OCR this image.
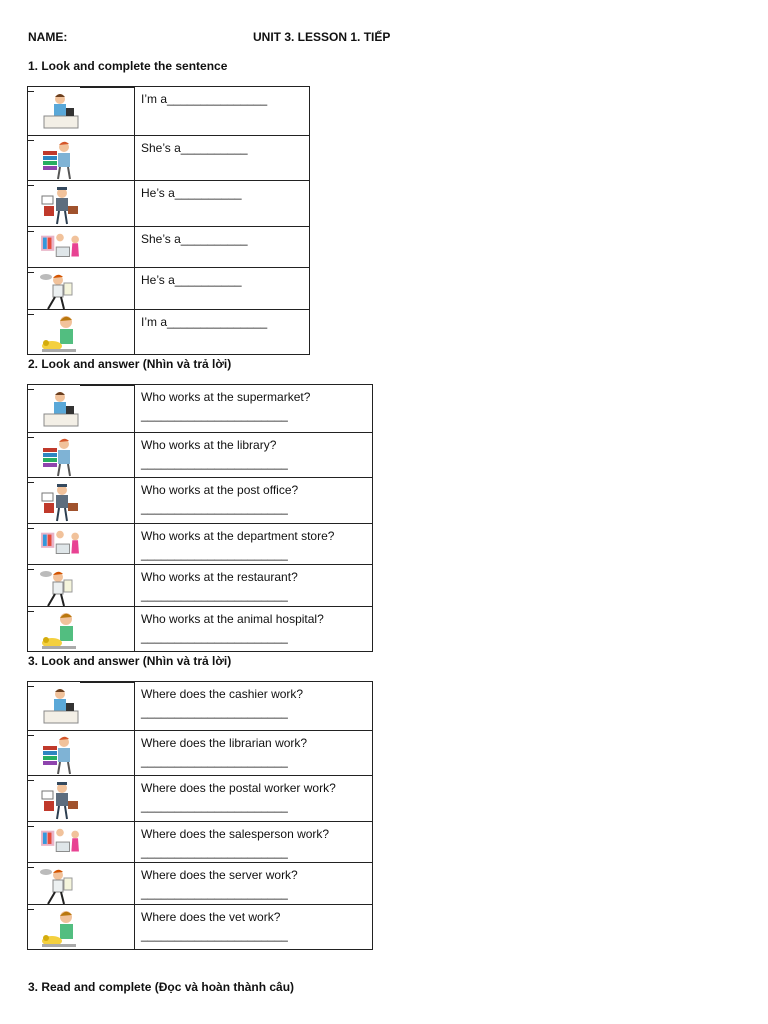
NAME:	UNIT 3. LESSON 1. TIẾP
1. Look and complete the sentence
	I’m a_______________

	She’s a__________

	He’s a__________

	She’s a__________

	He’s a__________

	I’m a_______________
2. Look and answer (Nhìn và trả lời)
	Who works at the supermarket?
______________________

	Who works at the library?
______________________

	Who works at the post office?
______________________

	Who works at the department store?
______________________

	Who works at the restaurant?
______________________

	Who works at the animal hospital?
______________________
3. Look and answer (Nhìn và trả lời)
	Where does the cashier work?
______________________

	Where does the librarian work?
______________________

	Where does the postal worker work?
______________________

	Where does the salesperson work?
______________________

	Where does the server work?
______________________

	Where does the vet work?
______________________
3. Read and complete (Đọc và hoàn thành câu)
